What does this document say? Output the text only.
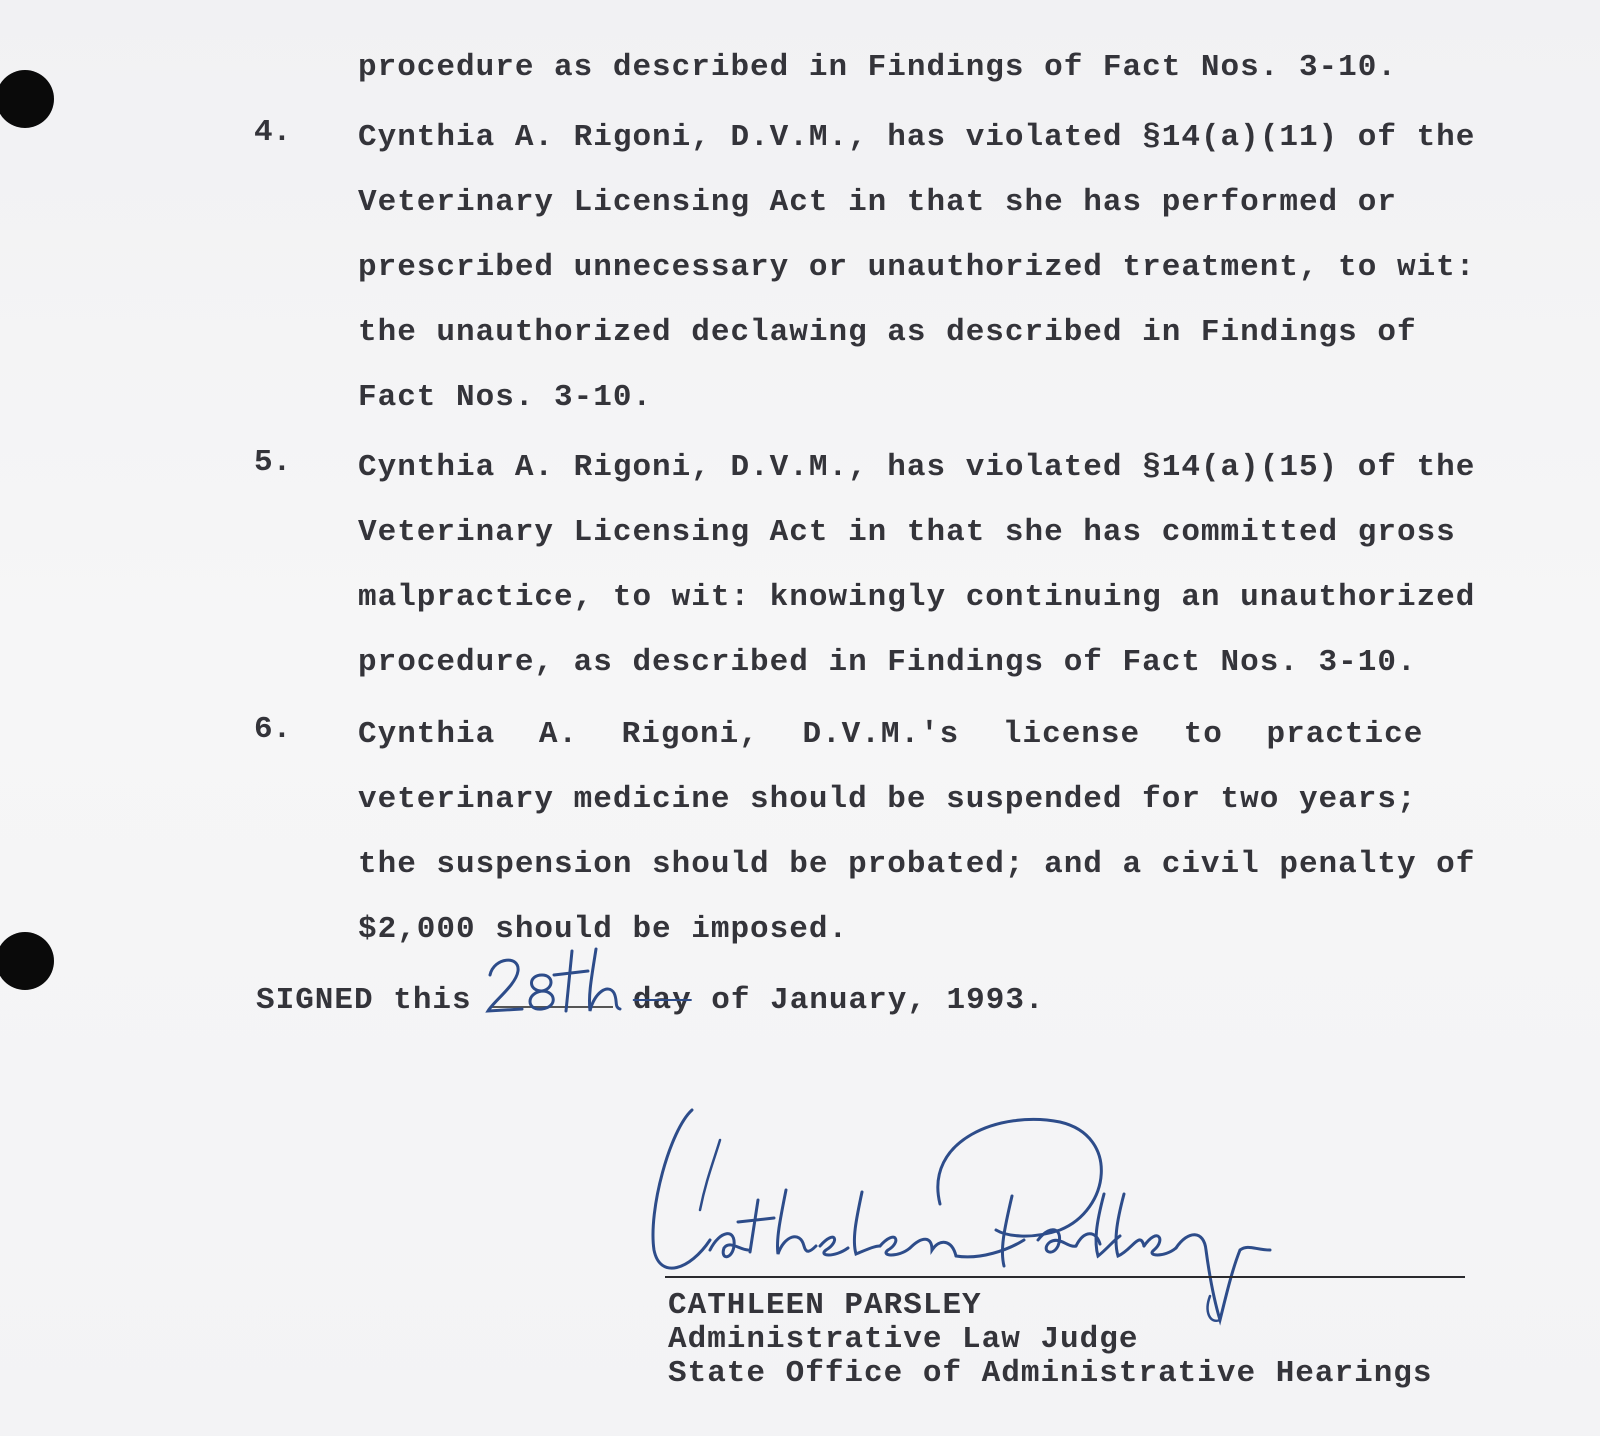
procedure as described in Findings of Fact Nos. 3-10.
4. Cynthia A. Rigoni, D.V.M., has violated §14(a)(11) of the
Veterinary Licensing Act in that she has performed or
prescribed unnecessary or unauthorized treatment, to wit:
the unauthorized declawing as described in Findings of
Fact Nos. 3-10.
5. Cynthia A. Rigoni, D.V.M., has violated §14(a)(15) of the
Veterinary Licensing Act in that she has committed gross
malpractice, to wit: knowingly continuing an unauthorized
procedure, as described in Findings of Fact Nos. 3-10.
6. Cynthia A. Rigoni, D.V.M.'s license to practice
veterinary medicine should be suspended for two years;
the suspension should be probated; and a civil penalty of
$2,000 should be imposed.
SIGNED this	day of January, 1993.
CATHLEEN PARSLEY
Administrative Law Judge
State Office of Administrative Hearings
